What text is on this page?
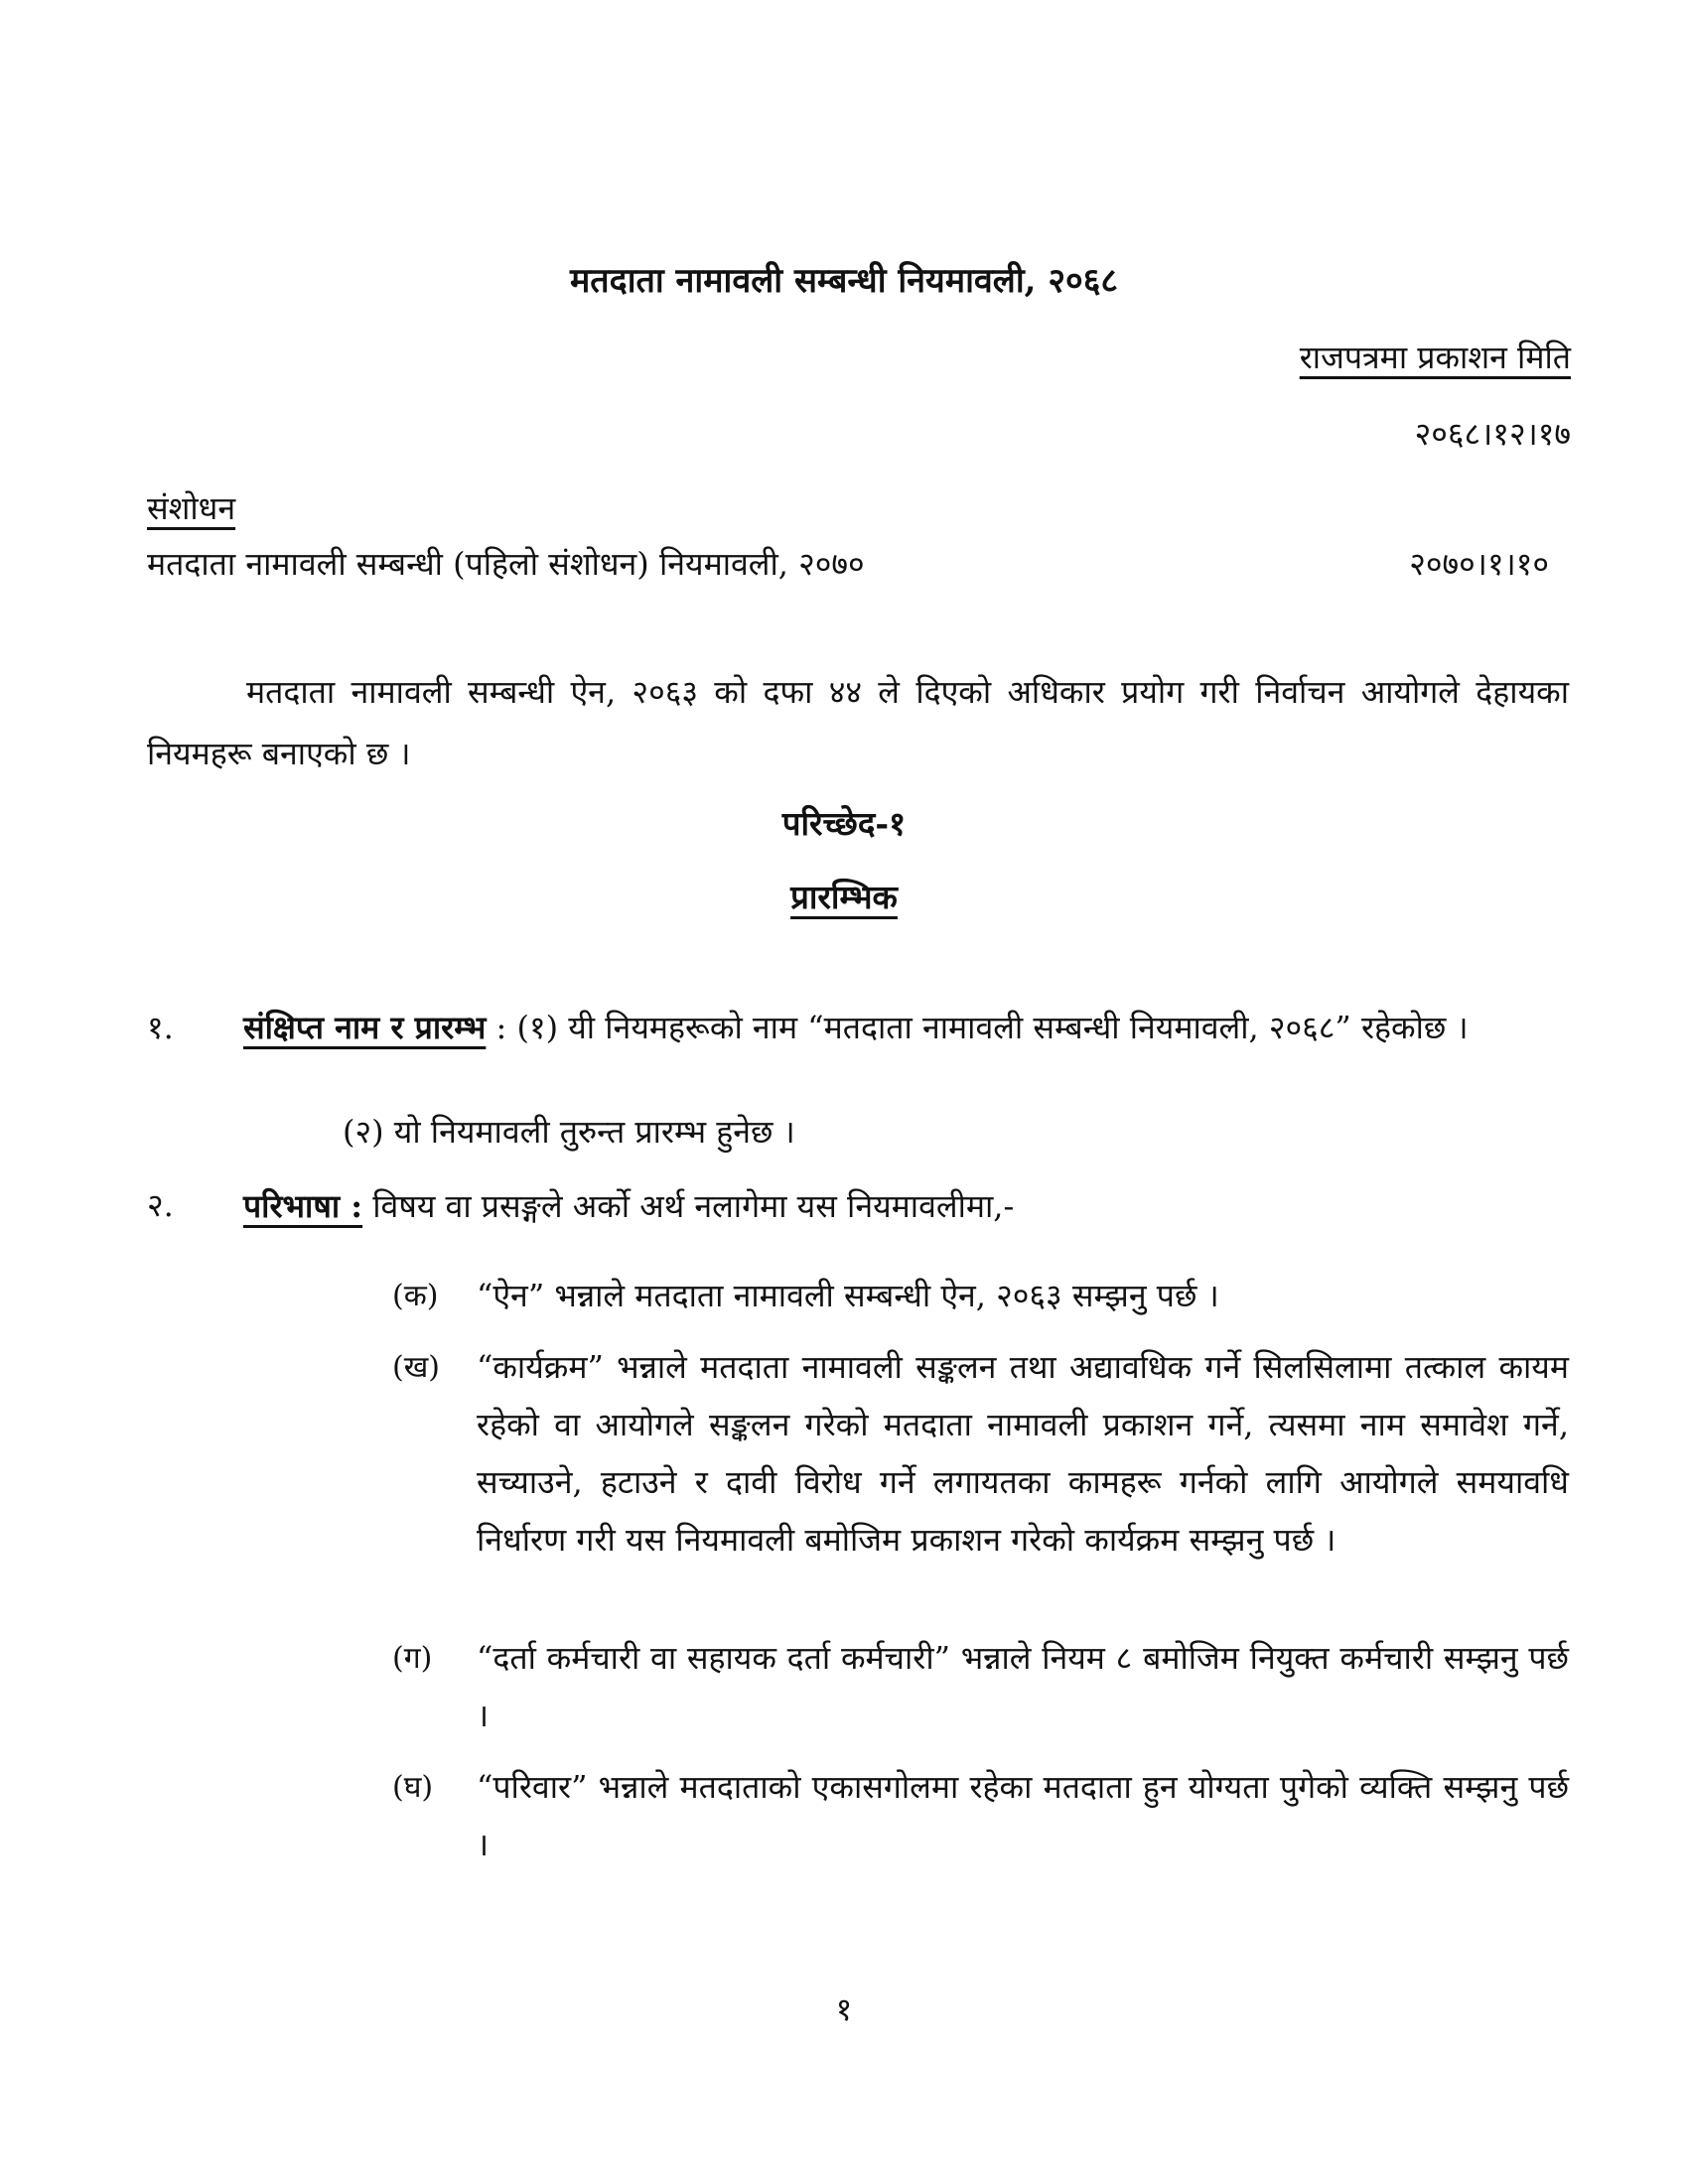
मतदाता नामावली सम्बन्धी नियमावली, २०६८
राजपत्रमा प्रकाशन मिति
२०६८।१२।१७
संशोधन
मतदाता नामावली सम्बन्धी (पहिलो संशोधन) नियमावली, २०७०	२०७०।१।१०
मतदाता नामावली सम्बन्धी ऐन, २०६३ को दफा ४४ ले दिएको अधिकार प्रयोग गरी निर्वाचन आयोगले देहायका नियमहरू बनाएको छ ।
परिच्छेद-१
प्रारम्भिक
१. संक्षिप्त नाम र प्रारम्भ : (१) यी नियमहरूको नाम “मतदाता नामावली सम्बन्धी नियमावली, २०६८” रहेकोछ ।
(२) यो नियमावली तुरुन्त प्रारम्भ हुनेछ ।
२. परिभाषा : विषय वा प्रसङ्गले अर्को अर्थ नलागेमा यस नियमावलीमा,-
(क) “ऐन” भन्नाले मतदाता नामावली सम्बन्धी ऐन, २०६३ सम्झनु पर्छ ।
(ख) “कार्यक्रम” भन्नाले मतदाता नामावली सङ्कलन तथा अद्यावधिक गर्ने सिलसिलामा तत्काल कायम रहेको वा आयोगले सङ्कलन गरेको मतदाता नामावली प्रकाशन गर्ने, त्यसमा नाम समावेश गर्ने, सच्याउने, हटाउने र दावी विरोध गर्ने लगायतका कामहरू गर्नको लागि आयोगले समयावधि निर्धारण गरी यस नियमावली बमोजिम प्रकाशन गरेको कार्यक्रम सम्झनु पर्छ ।
(ग) “दर्ता कर्मचारी वा सहायक दर्ता कर्मचारी” भन्नाले नियम ८ बमोजिम नियुक्त कर्मचारी सम्झनु पर्छ ।
(घ) “परिवार” भन्नाले मतदाताको एकासगोलमा रहेका मतदाता हुन योग्यता पुगेको व्यक्ति सम्झनु पर्छ ।
१
